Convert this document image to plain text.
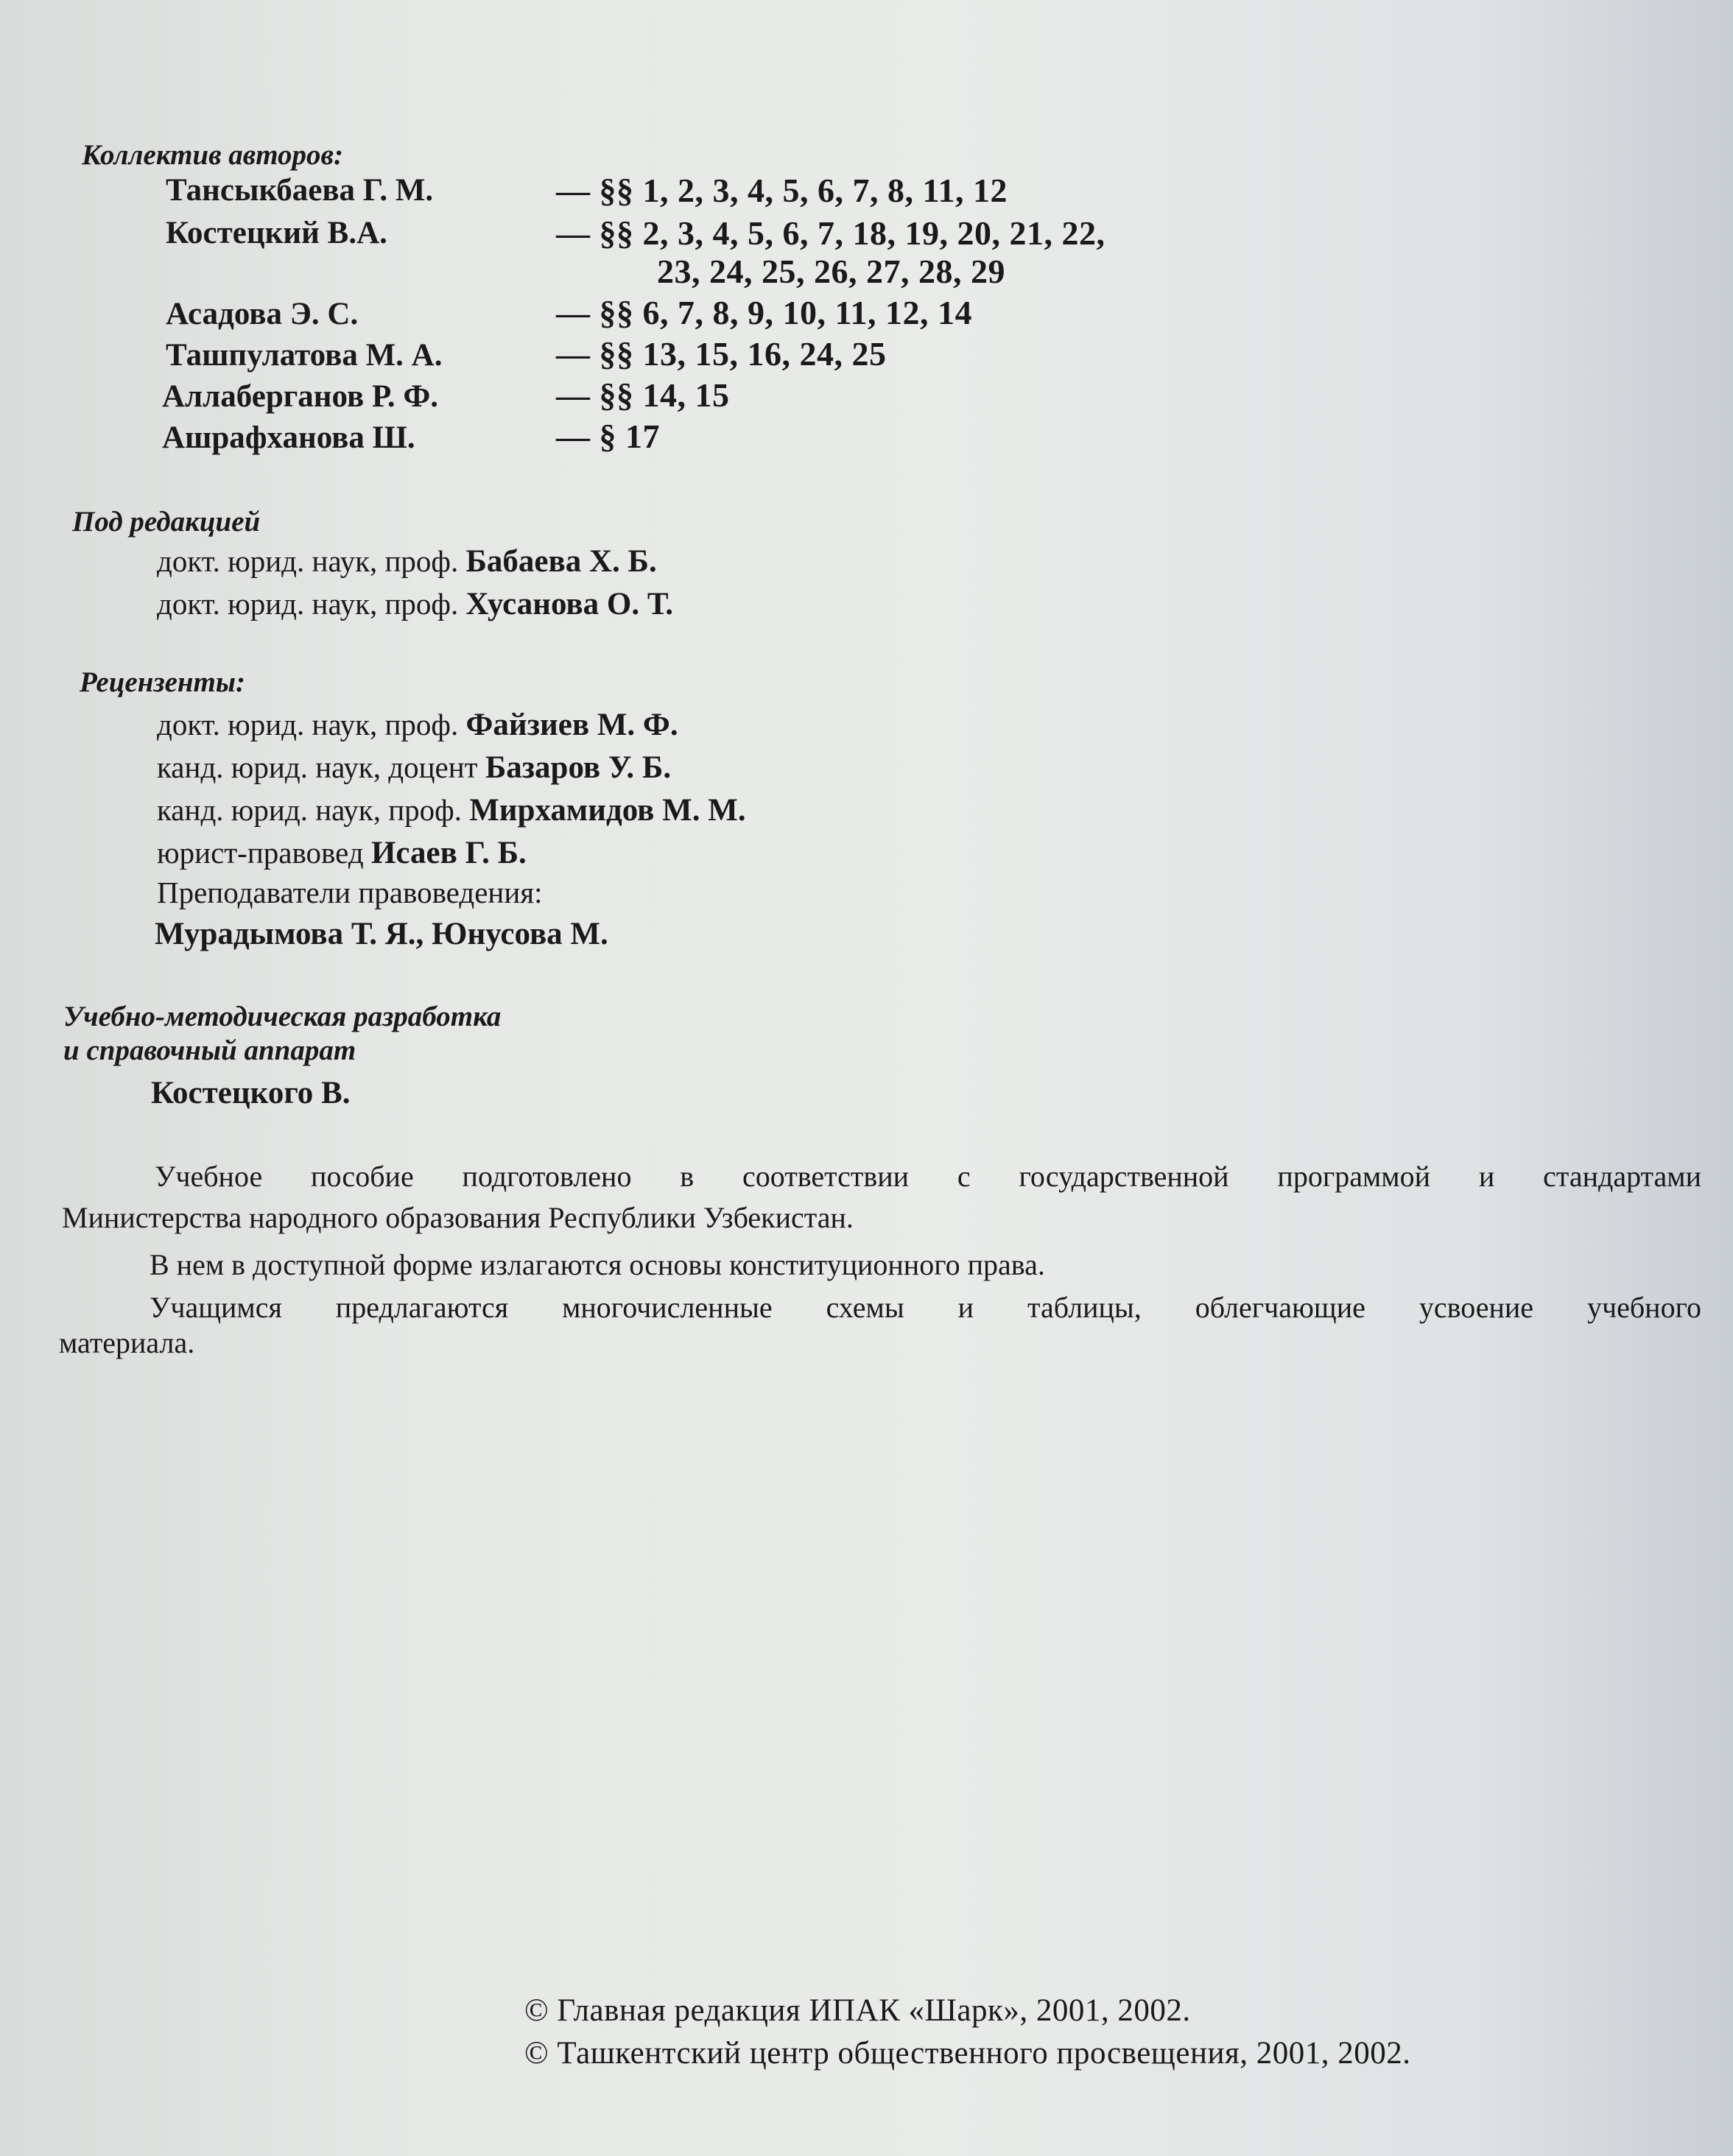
Коллектив авторов:
Тансыкбаева Г. М.	— §§ 1, 2, 3, 4, 5, 6, 7, 8, 11, 12
Костецкий В.А.	— §§ 2, 3, 4, 5, 6, 7, 18, 19, 20, 21, 22,
23, 24, 25, 26, 27, 28, 29
Асадова Э. С.	— §§ 6, 7, 8, 9, 10, 11, 12, 14
Ташпулатова М. А.	— §§ 13, 15, 16, 24, 25
Аллаберганов Р. Ф.	— §§ 14, 15
Ашрафханова Ш.	— § 17
Под редакцией
докт. юрид. наук, проф. Бабаева Х. Б.
докт. юрид. наук, проф. Хусанова О. Т.
Рецензенты:
докт. юрид. наук, проф. Файзиев М. Ф.
канд. юрид. наук, доцент Базаров У. Б.
канд. юрид. наук, проф. Мирхамидов М. М.
юрист-правовед Исаев Г. Б.
Преподаватели правоведения:
Мурадымова Т. Я., Юнусова М.
Учебно-методическая разработка
и справочный аппарат
Костецкого В.
Учебное пособие подготовлено в соответствии с государственной программой и стандартами
Министерства народного образования Республики Узбекистан.
В нем в доступной форме излагаются основы конституционного права.
Учащимся предлагаются многочисленные схемы и таблицы, облегчающие усвоение учебного
материала.
© Главная редакция ИПАК «Шарк», 2001, 2002.
© Ташкентский центр общественного просвещения, 2001, 2002.
